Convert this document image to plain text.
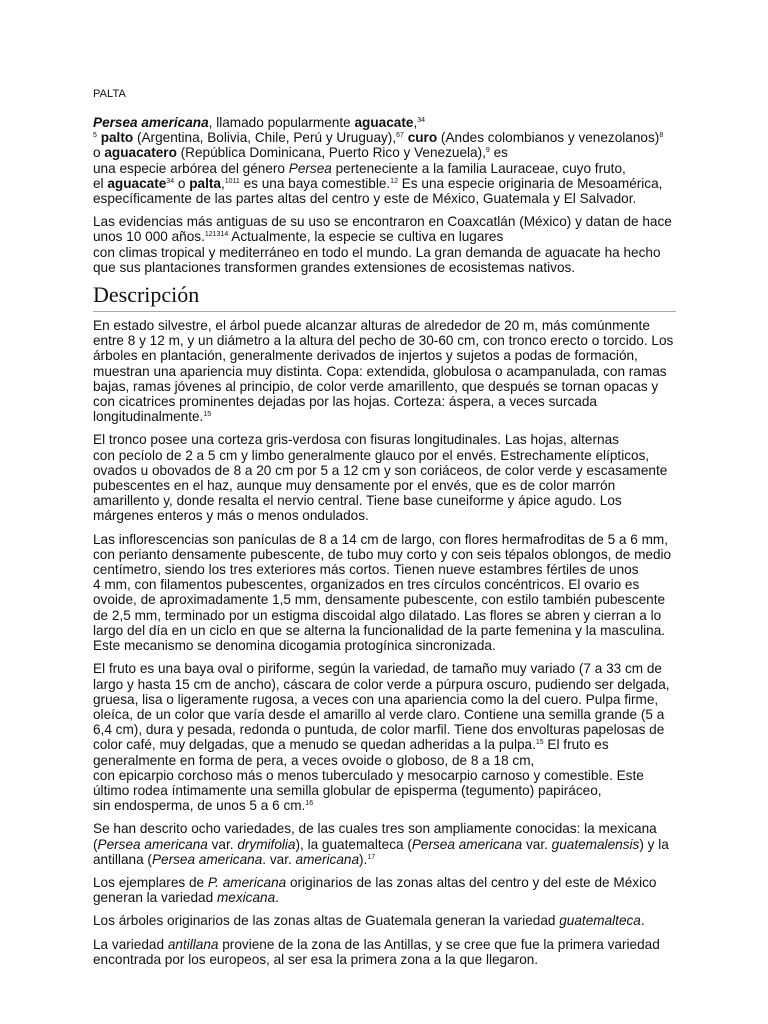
PALTA

Persea americana, llamado popularmente aguacate,$^{34}$
$^5$ palto (Argentina, Bolivia, Chile, Perú y Uruguay),$^{67}$ curo (Andes colombianos y venezolanos)$^8$
o aguacatero (República Dominicana, Puerto Rico y Venezuela),$^9$ es
una especie arbórea del género Persea perteneciente a la familia Lauraceae, cuyo fruto,
el aguacate$^{34}$ o palta,$^{1011}$ es una baya comestible.$^{12}$ Es una especie originaria de Mesoamérica,
específicamente de las partes altas del centro y este de México, Guatemala y El Salvador.

Las evidencias más antiguas de su uso se encontraron en Coaxcatlán (México) y datan de hace
unos 10 000 años.$^{121314}$ Actualmente, la especie se cultiva en lugares
con climas tropical y mediterráneo en todo el mundo. La gran demanda de aguacate ha hecho
que sus plantaciones transformen grandes extensiones de ecosistemas nativos.

Descripción

En estado silvestre, el árbol puede alcanzar alturas de alrededor de 20 m, más comúnmente
entre 8 y 12 m, y un diámetro a la altura del pecho de 30-60 cm, con tronco erecto o torcido. Los
árboles en plantación, generalmente derivados de injertos y sujetos a podas de formación,
muestran una apariencia muy distinta. Copa: extendida, globulosa o acampanulada, con ramas
bajas, ramas jóvenes al principio, de color verde amarillento, que después se tornan opacas y
con cicatrices prominentes dejadas por las hojas. Corteza: áspera, a veces surcada
longitudinalmente.$^{15}$

El tronco posee una corteza gris-verdosa con fisuras longitudinales. Las hojas, alternas
con pecíolo de 2 a 5 cm y limbo generalmente glauco por el envés. Estrechamente elípticos,
ovados u obovados de 8 a 20 cm por 5 a 12 cm y son coriáceos, de color verde y escasamente
pubescentes en el haz, aunque muy densamente por el envés, que es de color marrón
amarillento y, donde resalta el nervio central. Tiene base cuneiforme y ápice agudo. Los
márgenes enteros y más o menos ondulados.

Las inflorescencias son panículas de 8 a 14 cm de largo, con flores hermafroditas de 5 a 6 mm,
con perianto densamente pubescente, de tubo muy corto y con seis tépalos oblongos, de medio
centímetro, siendo los tres exteriores más cortos. Tienen nueve estambres fértiles de unos
4 mm, con filamentos pubescentes, organizados en tres círculos concéntricos. El ovario es
ovoide, de aproximadamente 1,5 mm, densamente pubescente, con estilo también pubescente
de 2,5 mm, terminado por un estigma discoidal algo dilatado. Las flores se abren y cierran a lo
largo del día en un ciclo en que se alterna la funcionalidad de la parte femenina y la masculina.
Este mecanismo se denomina dicogamia protogínica sincronizada.

El fruto es una baya oval o piriforme, según la variedad, de tamaño muy variado (7 a 33 cm de
largo y hasta 15 cm de ancho), cáscara de color verde a púrpura oscuro, pudiendo ser delgada,
gruesa, lisa o ligeramente rugosa, a veces con una apariencia como la del cuero. Pulpa firme,
oleíca, de un color que varía desde el amarillo al verde claro. Contiene una semilla grande (5 a
6,4 cm), dura y pesada, redonda o puntuda, de color marfil. Tiene dos envolturas papelosas de
color café, muy delgadas, que a menudo se quedan adheridas a la pulpa.$^{15}$ El fruto es
generalmente en forma de pera, a veces ovoide o globoso, de 8 a 18 cm,
con epicarpio corchoso más o menos tuberculado y mesocarpio carnoso y comestible. Este
último rodea íntimamente una semilla globular de episperma (tegumento) papiráceo,
sin endosperma, de unos 5 a 6 cm.$^{16}$

Se han descrito ocho variedades, de las cuales tres son ampliamente conocidas: la mexicana
(Persea americana var. drymifolia), la guatemalteca (Persea americana var. guatemalensis) y la
antillana (Persea americana. var. americana).$^{17}$

Los ejemplares de P. americana originarios de las zonas altas del centro y del este de México
generan la variedad mexicana.

Los árboles originarios de las zonas altas de Guatemala generan la variedad guatemalteca.

La variedad antillana proviene de la zona de las Antillas, y se cree que fue la primera variedad
encontrada por los europeos, al ser esa la primera zona a la que llegaron.
